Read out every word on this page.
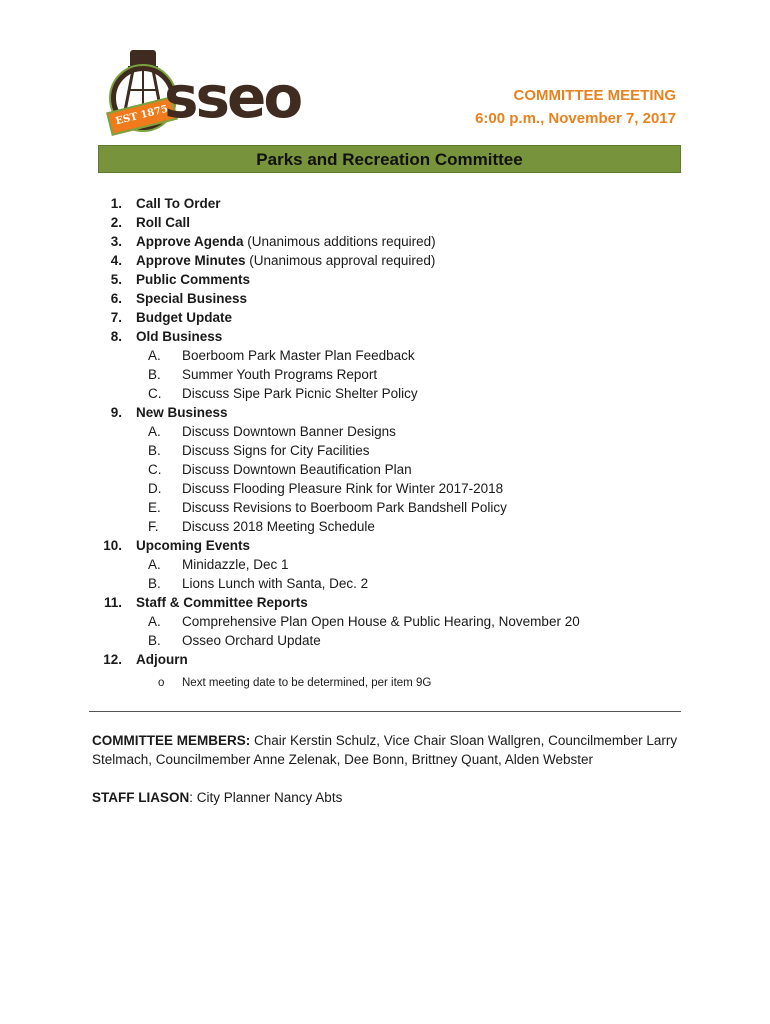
EST 1875
sseo	COMMITTEE MEETING
6:00 p.m., November 7, 2017
Parks and Recreation Committee
1. Call To Order
2. Roll Call
3. Approve Agenda (Unanimous additions required)
4. Approve Minutes (Unanimous approval required)
5. Public Comments
6. Special Business
7. Budget Update
8. Old Business
A. Boerboom Park Master Plan Feedback
B. Summer Youth Programs Report
C. Discuss Sipe Park Picnic Shelter Policy
9. New Business
A. Discuss Downtown Banner Designs
B. Discuss Signs for City Facilities
C. Discuss Downtown Beautification Plan
D. Discuss Flooding Pleasure Rink for Winter 2017-2018
E. Discuss Revisions to Boerboom Park Bandshell Policy
F. Discuss 2018 Meeting Schedule
10. Upcoming Events
A. Minidazzle, Dec 1
B. Lions Lunch with Santa, Dec. 2
11. Staff & Committee Reports
A. Comprehensive Plan Open House & Public Hearing, November 20
B. Osseo Orchard Update
12. Adjourn
o Next meeting date to be determined, per item 9G
COMMITTEE MEMBERS: Chair Kerstin Schulz, Vice Chair Sloan Wallgren, Councilmember Larry Stelmach, Councilmember Anne Zelenak, Dee Bonn, Brittney Quant, Alden Webster
STAFF LIASON: City Planner Nancy Abts
